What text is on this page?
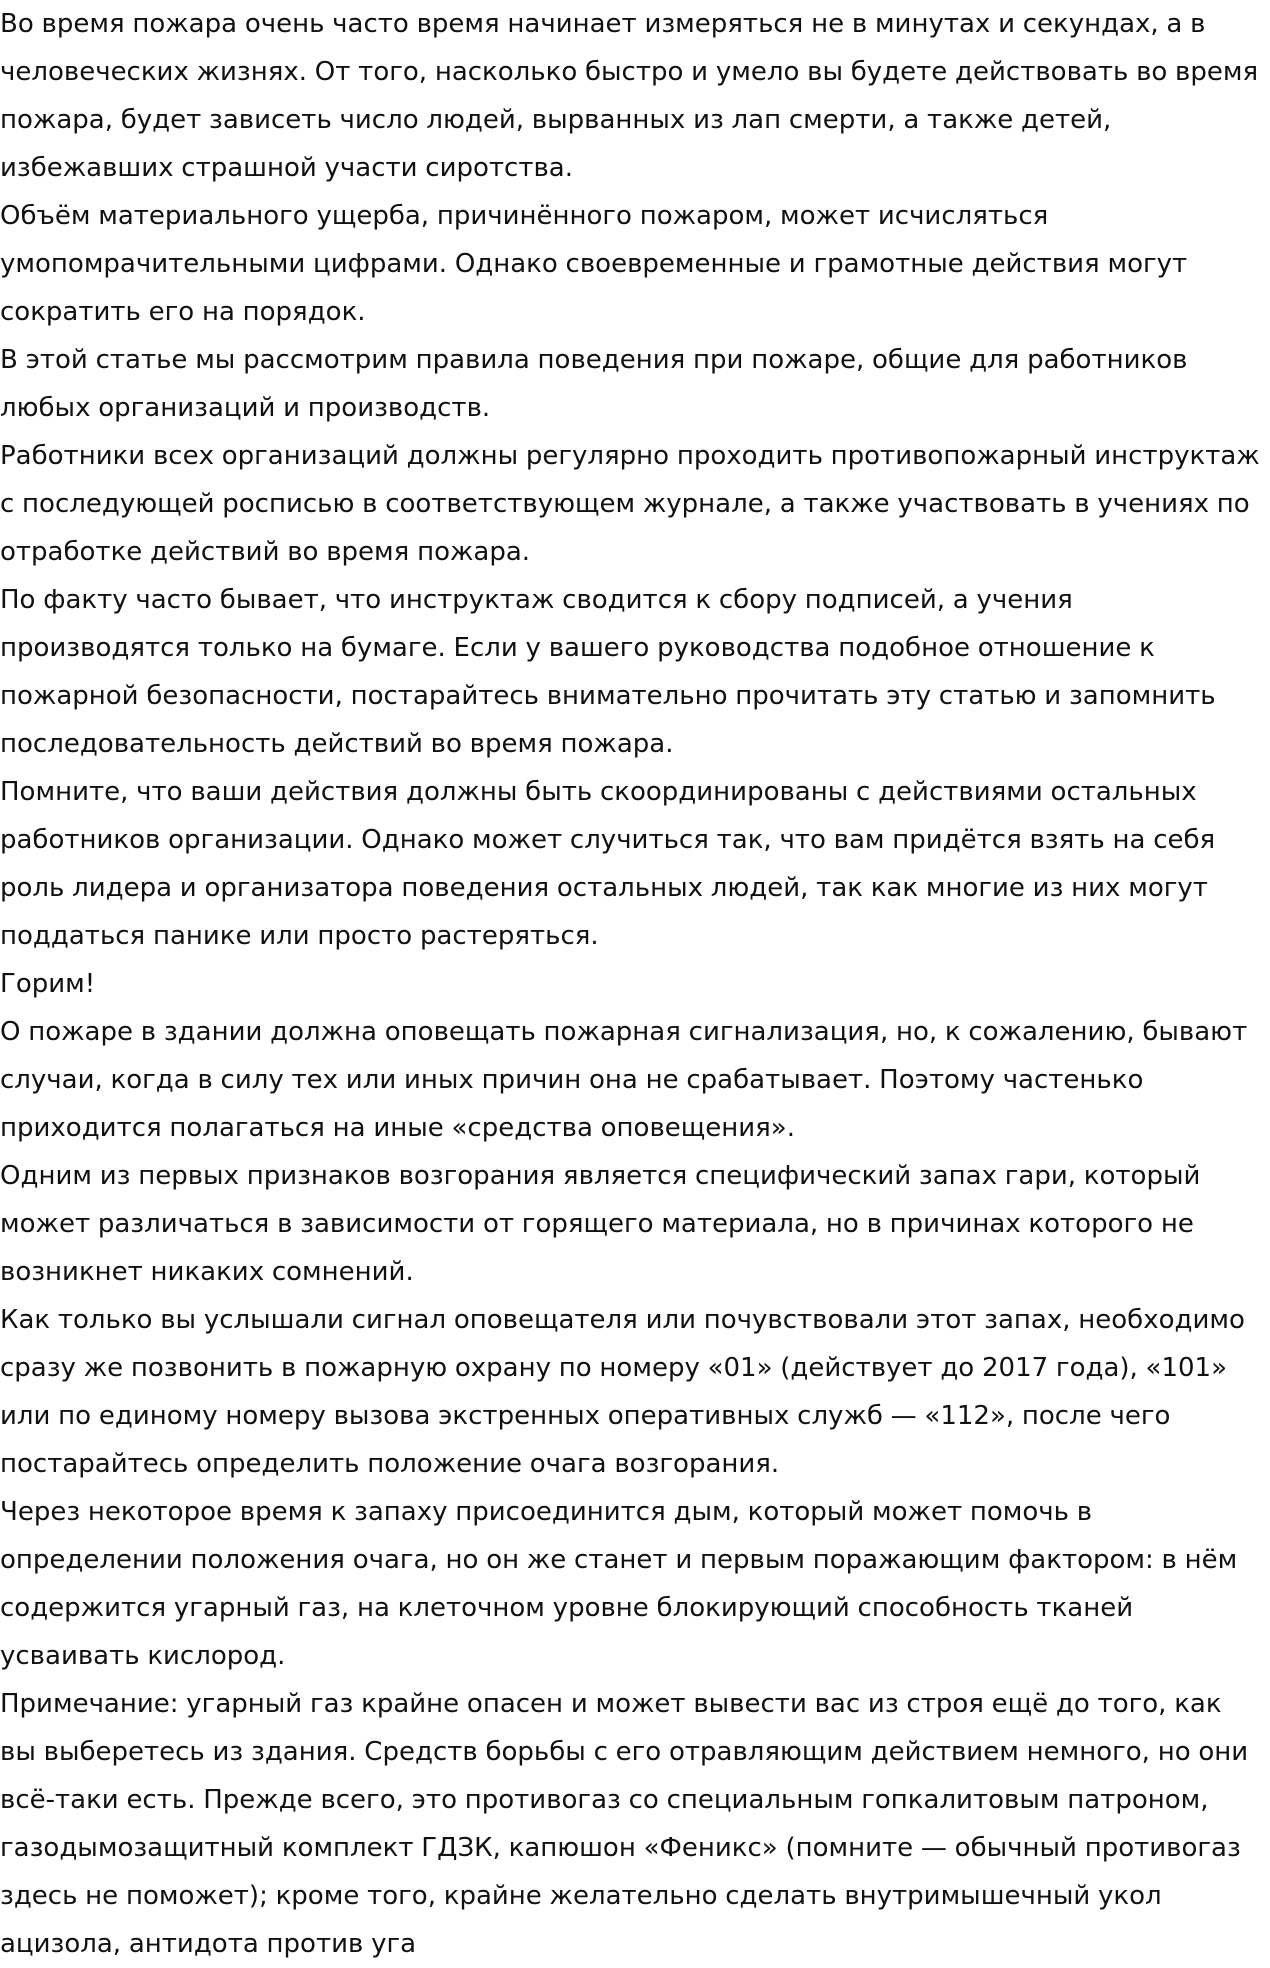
Во время пожара очень часто время начинает измеряться не в минутах и секундах, а в человеческих жизнях. От того, насколько быстро и умело вы будете действовать во время пожара, будет зависеть число людей, вырванных из лап смерти, а также детей, избежавших страшной участи сиротства.

Объём материального ущерба, причинённого пожаром, может исчисляться умопомрачительными цифрами. Однако своевременные и грамотные действия могут сократить его на порядок.

В этой статье мы рассмотрим правила поведения при пожаре, общие для работников любых организаций и производств.

Работники всех организаций должны регулярно проходить противопожарный инструктаж с последующей росписью в соответствующем журнале, а также участвовать в учениях по отработке действий во время пожара.

По факту часто бывает, что инструктаж сводится к сбору подписей, а учения производятся только на бумаге. Если у вашего руководства подобное отношение к пожарной безопасности, постарайтесь внимательно прочитать эту статью и запомнить последовательность действий во время пожара.

Помните, что ваши действия должны быть скоординированы с действиями остальных работников организации. Однако может случиться так, что вам придётся взять на себя роль лидера и организатора поведения остальных людей, так как многие из них могут поддаться панике или просто растеряться.

Горим!

О пожаре в здании должна оповещать пожарная сигнализация, но, к сожалению, бывают случаи, когда в силу тех или иных причин она не срабатывает. Поэтому частенько приходится полагаться на иные «средства оповещения».

Одним из первых признаков возгорания является специфический запах гари, который может различаться в зависимости от горящего материала, но в причинах которого не возникнет никаких сомнений.

Как только вы услышали сигнал оповещателя или почувствовали этот запах, необходимо сразу же позвонить в пожарную охрану по номеру «01» (действует до 2017 года), «101» или по единому номеру вызова экстренных оперативных служб — «112», после чего постарайтесь определить положение очага возгорания.

Через некоторое время к запаху присоединится дым, который может помочь в определении положения очага, но он же станет и первым поражающим фактором: в нём содержится угарный газ, на клеточном уровне блокирующий способность тканей усваивать кислород.

Примечание: угарный газ крайне опасен и может вывести вас из строя ещё до того, как вы выберетесь из здания. Средств борьбы с его отравляющим действием немного, но они всё-таки есть. Прежде всего, это противогаз со специальным гопкалитовым патроном, газодымозащитный комплект ГДЗК, капюшон «Феникс» (помните — обычный противогаз здесь не поможет); кроме того, крайне желательно сделать внутримышечный укол ацизола, антидота против уга
